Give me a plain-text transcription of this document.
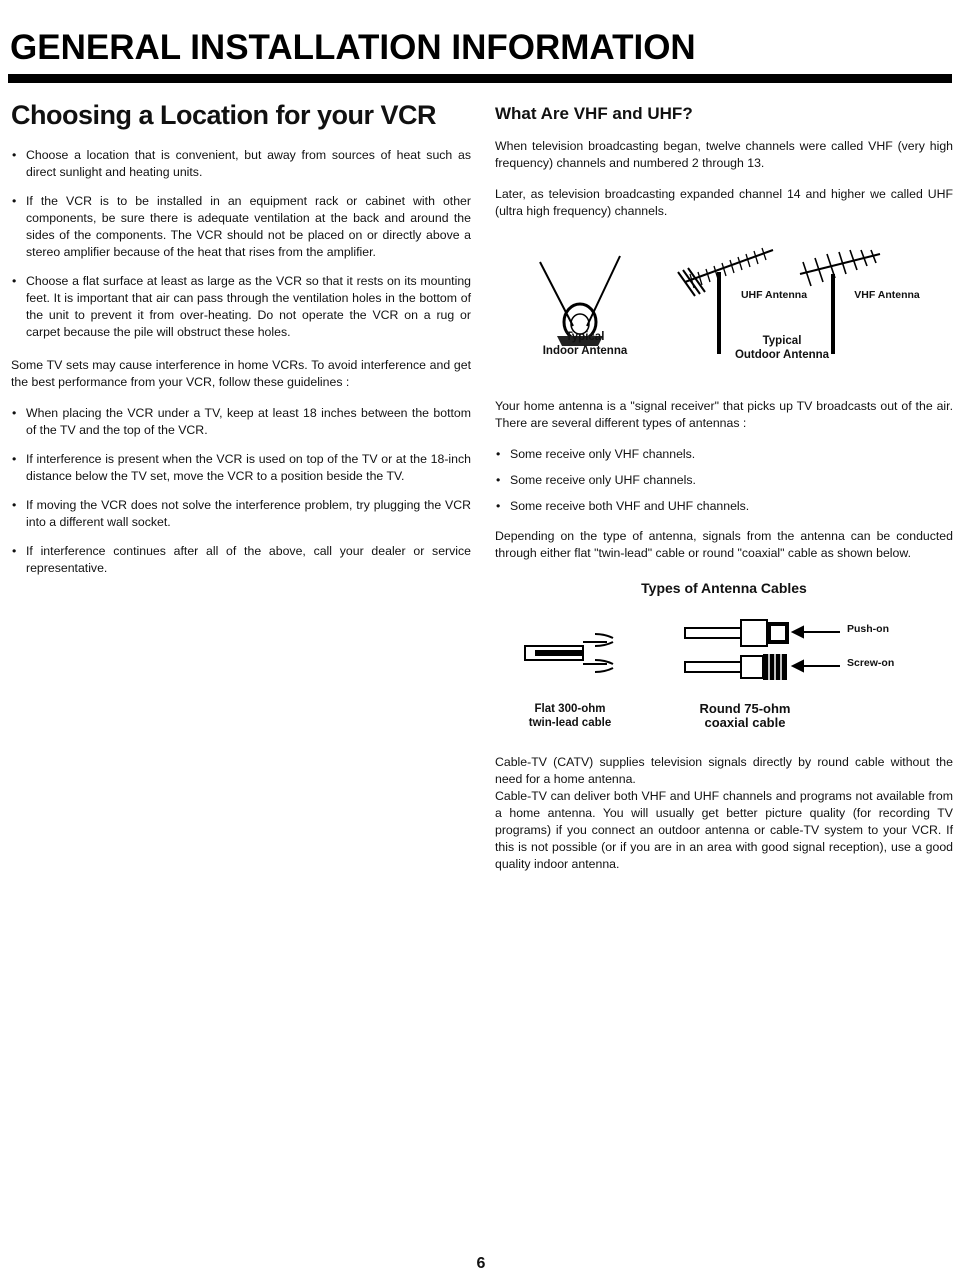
GENERAL INSTALLATION INFORMATION
Choosing a Location for your VCR
• Choose a location that is convenient, but away from sources of heat such as direct sunlight and heating units.
• If the VCR is to be installed in an equipment rack or cabinet with other components, be sure there is adequate ventilation at the back and around the sides of the components. The VCR should not be placed on or directly above a stereo amplifier because of the heat that rises from the amplifier.
• Choose a flat surface at least as large as the VCR so that it rests on its mounting feet. It is important that air can pass through the ventilation holes in the bottom of the unit to prevent it from over-heating. Do not operate the VCR on a rug or carpet because the pile will obstruct these holes.

Some TV sets may cause interference in home VCRs. To avoid interference and get the best performance from your VCR, follow these guidelines :

• When placing the VCR under a TV, keep at least 18 inches between the bottom of the TV and the top of the VCR.
• If interference is present when the VCR is used on top of the TV or at the 18-inch distance below the TV set, move the VCR to a position beside the TV.
• If moving the VCR does not solve the interference problem, try plugging the VCR into a different wall socket.
• If interference continues after all of the above, call your dealer or service representative.
What Are VHF and UHF?

When television broadcasting began, twelve channels were called VHF (very high frequency) channels and numbered 2 through 13.

Later, as television broadcasting expanded channel 14 and higher we called UHF (ultra high frequency) channels.

Typical
Indoor Antenna
UHF Antenna	VHF Antenna
Typical
Outdoor Antenna

Your home antenna is a "signal receiver" that picks up TV broadcasts out of the air. There are several different types of antennas :

• Some receive only VHF channels.
• Some receive only UHF channels.
• Some receive both VHF and UHF channels.

Depending on the type of antenna, signals from the antenna can be conducted through either flat "twin-lead" cable or round "coaxial" cable as shown below.

Types of Antenna Cables
Push-on
Screw-on
Flat 300-ohm
twin-lead cable
Round 75-ohm
coaxial cable

Cable-TV (CATV) supplies television signals directly by round cable without the need for a home antenna.

Cable-TV can deliver both VHF and UHF channels and programs not available from a home antenna. You will usually get better picture quality (for recording TV programs) if you connect an outdoor antenna or cable-TV system to your VCR. If this is not possible (or if you are in an area with good signal reception), use a good quality indoor antenna.

6
